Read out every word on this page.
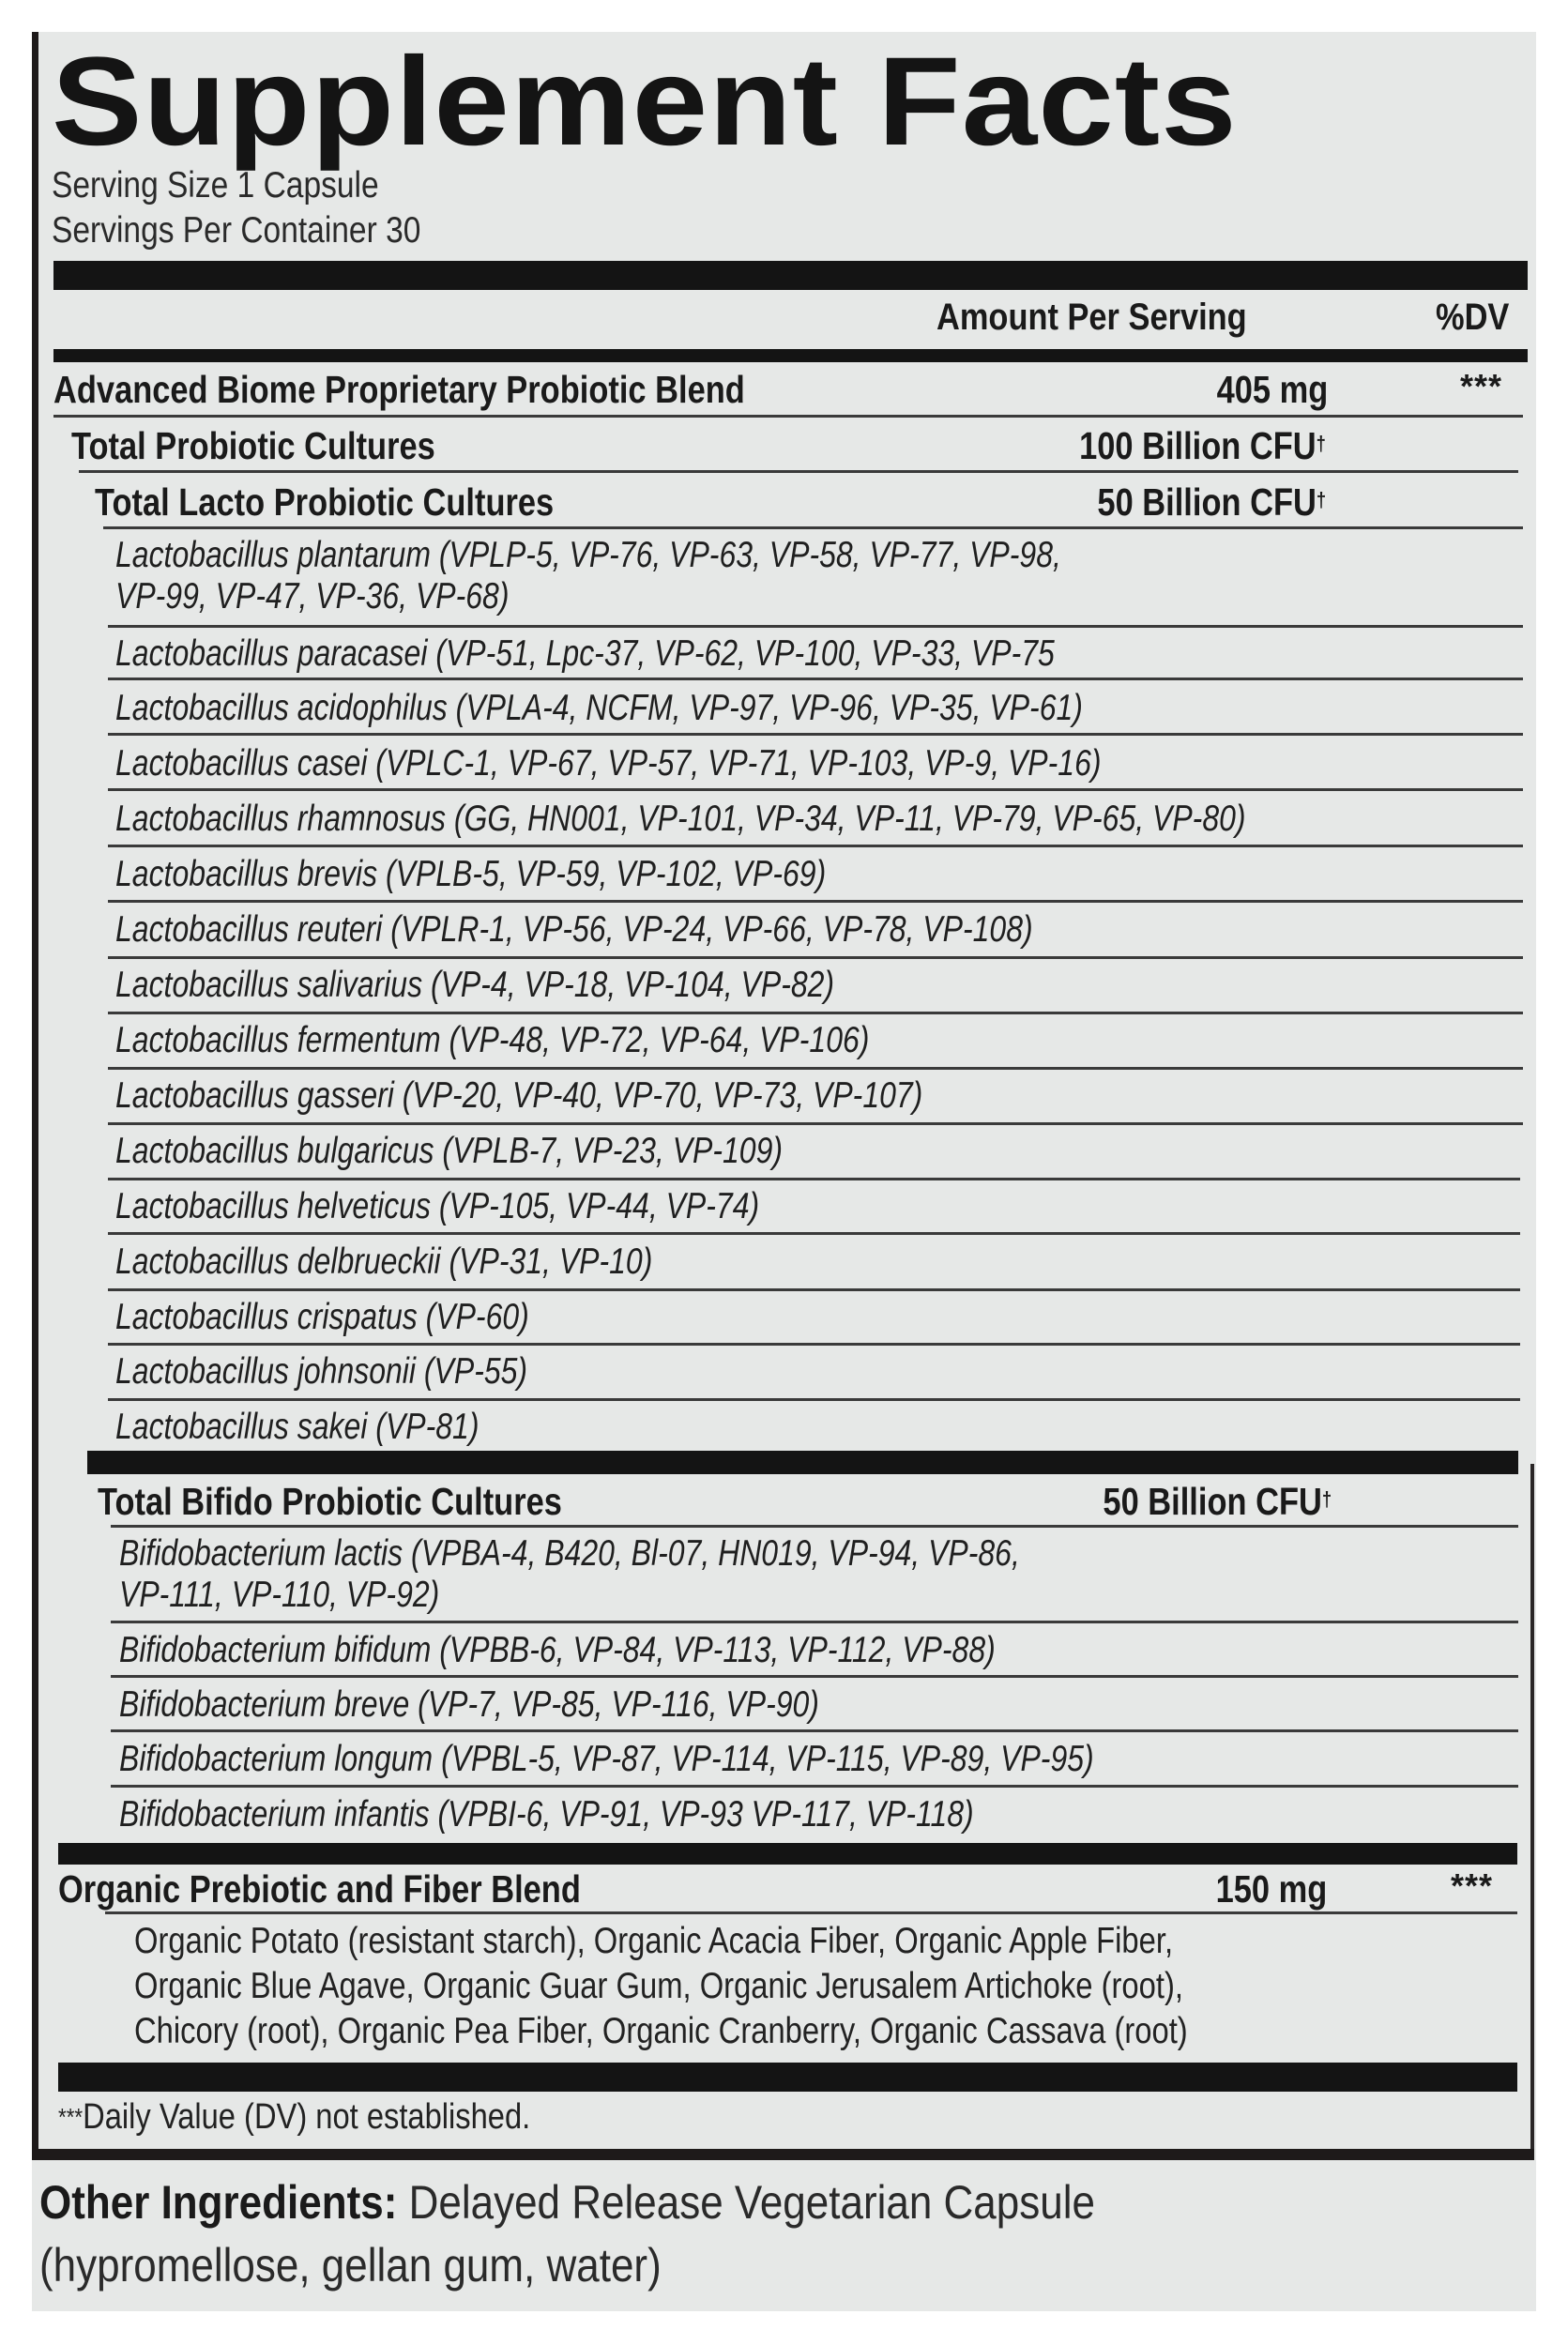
Supplement Facts
Serving Size 1 Capsule
Servings Per Container 30
Amount Per Serving	%DV
Advanced Biome Proprietary Probiotic Blend	405 mg	***
Total Probiotic Cultures	100 Billion CFU†
Total Lacto Probiotic Cultures	50 Billion CFU†
Lactobacillus plantarum (VPLP-5, VP-76, VP-63, VP-58, VP-77, VP-98,
VP-99, VP-47, VP-36, VP-68)
Lactobacillus paracasei (VP-51, Lpc-37, VP-62, VP-100, VP-33, VP-75
Lactobacillus acidophilus (VPLA-4, NCFM, VP-97, VP-96, VP-35, VP-61)
Lactobacillus casei (VPLC-1, VP-67, VP-57, VP-71, VP-103, VP-9, VP-16)
Lactobacillus rhamnosus (GG, HN001, VP-101, VP-34, VP-11, VP-79, VP-65, VP-80)
Lactobacillus brevis (VPLB-5, VP-59, VP-102, VP-69)
Lactobacillus reuteri (VPLR-1, VP-56, VP-24, VP-66, VP-78, VP-108)
Lactobacillus salivarius (VP-4, VP-18, VP-104, VP-82)
Lactobacillus fermentum (VP-48, VP-72, VP-64, VP-106)
Lactobacillus gasseri (VP-20, VP-40, VP-70, VP-73, VP-107)
Lactobacillus bulgaricus (VPLB-7, VP-23, VP-109)
Lactobacillus helveticus (VP-105, VP-44, VP-74)
Lactobacillus delbrueckii (VP-31, VP-10)
Lactobacillus crispatus (VP-60)
Lactobacillus johnsonii (VP-55)
Lactobacillus sakei (VP-81)
Total Bifido Probiotic Cultures	50 Billion CFU†
Bifidobacterium lactis (VPBA-4, B420, Bl-07, HN019, VP-94, VP-86,
VP-111, VP-110, VP-92)
Bifidobacterium bifidum (VPBB-6, VP-84, VP-113, VP-112, VP-88)
Bifidobacterium breve (VP-7, VP-85, VP-116, VP-90)
Bifidobacterium longum (VPBL-5, VP-87, VP-114, VP-115, VP-89, VP-95)
Bifidobacterium infantis (VPBI-6, VP-91, VP-93 VP-117, VP-118)
Organic Prebiotic and Fiber Blend	150 mg	***
Organic Potato (resistant starch), Organic Acacia Fiber, Organic Apple Fiber,
Organic Blue Agave, Organic Guar Gum, Organic Jerusalem Artichoke (root),
Chicory (root), Organic Pea Fiber, Organic Cranberry, Organic Cassava (root)
***Daily Value (DV) not established.
Other Ingredients: Delayed Release Vegetarian Capsule
(hypromellose, gellan gum, water)
